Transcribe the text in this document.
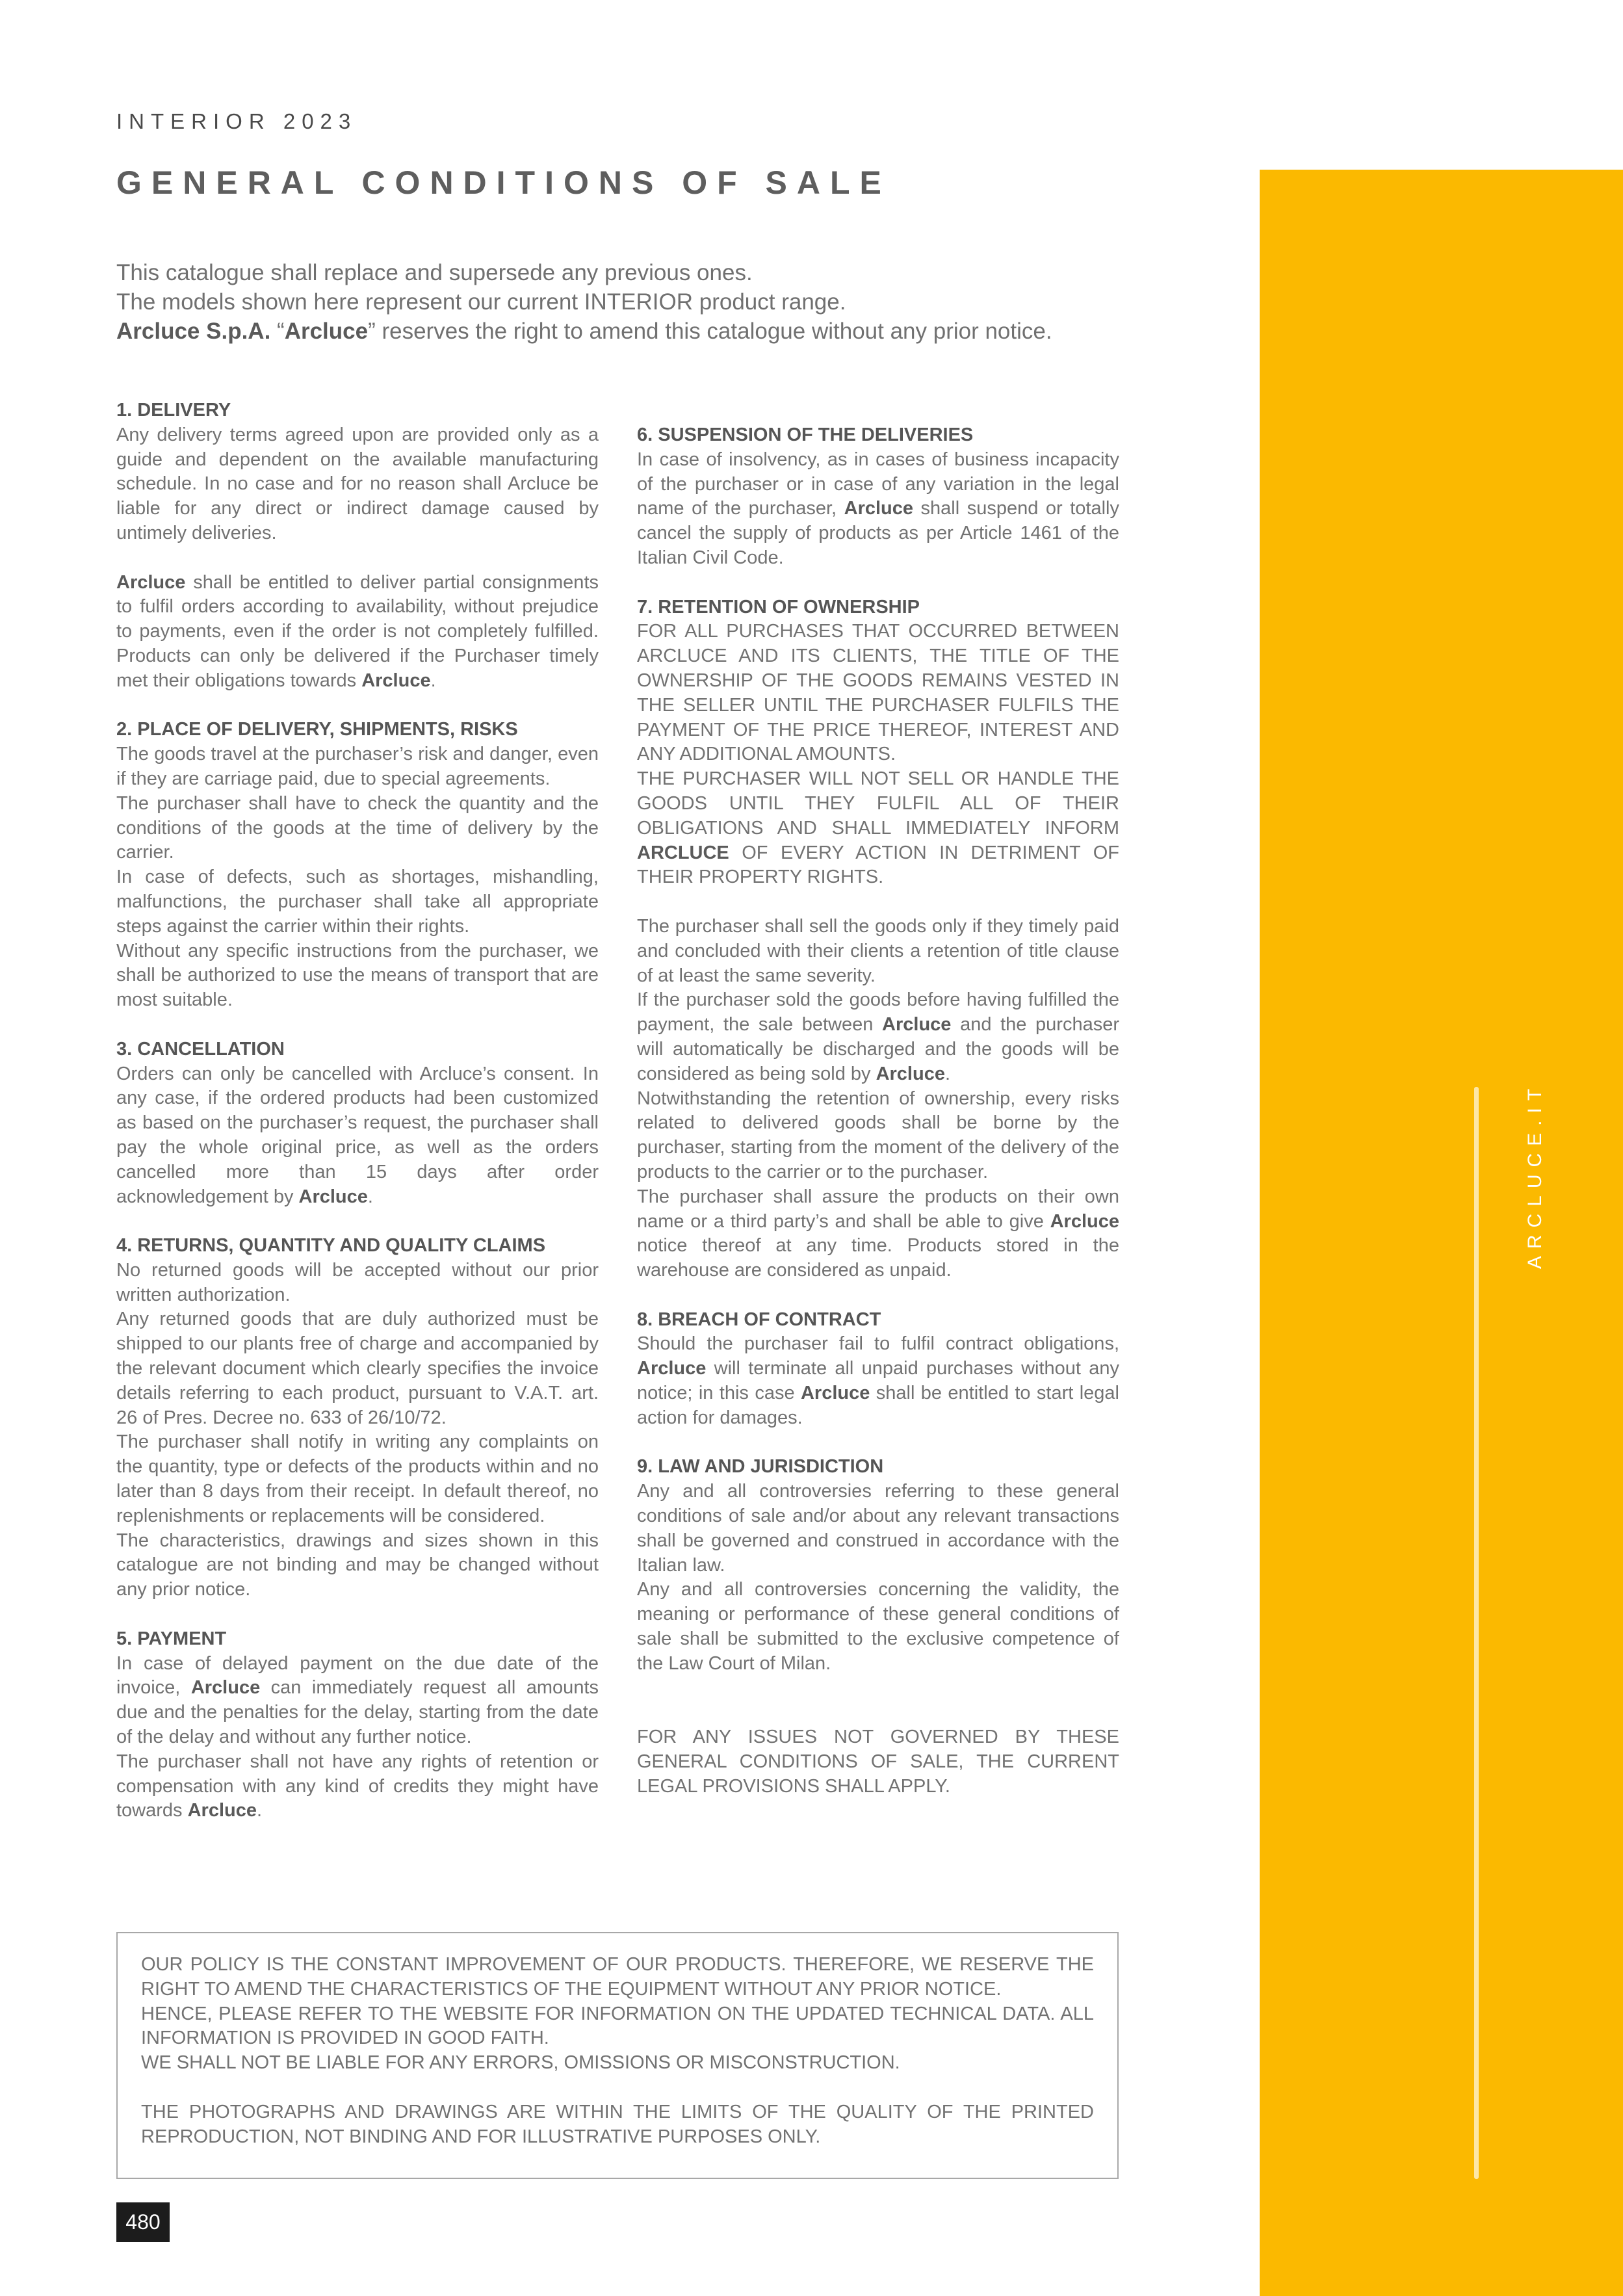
INTERIOR 2023
GENERAL CONDITIONS OF SALE

This catalogue shall replace and supersede any previous ones.

The models shown here represent our current INTERIOR product range.

Arcluce S.p.A. “Arcluce” reserves the right to amend this catalogue without any prior notice.

1. DELIVERY

Any delivery terms agreed upon are provided only as a guide and dependent on the available manufacturing schedule. In no case and for no reason shall Arcluce be liable for any direct or indirect damage caused by untimely deliveries.

Arcluce shall be entitled to deliver partial consignments to fulfil orders according to availability, without prejudice to payments, even if the order is not completely fulfilled. Products can only be delivered if the Purchaser timely met their obligations towards Arcluce.

2. PLACE OF DELIVERY, SHIPMENTS, RISKS

The goods travel at the purchaser’s risk and danger, even if they are carriage paid, due to special agreements.

The purchaser shall have to check the quantity and the conditions of the goods at the time of delivery by the carrier.

In case of defects, such as shortages, mishandling, malfunctions, the purchaser shall take all appropriate steps against the carrier within their rights.

Without any specific instructions from the purchaser, we shall be authorized to use the means of transport that are most suitable.

3. CANCELLATION

Orders can only be cancelled with Arcluce’s consent. In any case, if the ordered products had been customized as based on the purchaser’s request, the purchaser shall pay the whole original price, as well as the orders cancelled more than 15 days after order acknowledgement by Arcluce.

4. RETURNS, QUANTITY AND QUALITY CLAIMS

No returned goods will be accepted without our prior written authorization.

Any returned goods that are duly authorized must be shipped to our plants free of charge and accompanied by the relevant document which clearly specifies the invoice details referring to each product, pursuant to V.A.T. art. 26 of Pres. Decree no. 633 of 26/10/72.

The purchaser shall notify in writing any complaints on the quantity, type or defects of the products within and no later than 8 days from their receipt. In default thereof, no replenishments or replacements will be considered.

The characteristics, drawings and sizes shown in this catalogue are not binding and may be changed without any prior notice.

5. PAYMENT

In case of delayed payment on the due date of the invoice, Arcluce can immediately request all amounts due and the penalties for the delay, starting from the date of the delay and without any further notice.

The purchaser shall not have any rights of retention or compensation with any kind of credits they might have towards Arcluce.

6. SUSPENSION OF THE DELIVERIES

In case of insolvency, as in cases of business incapacity of the purchaser or in case of any variation in the legal name of the purchaser, Arcluce shall suspend or totally cancel the supply of products as per Article 1461 of the Italian Civil Code.

7. RETENTION OF OWNERSHIP

FOR ALL PURCHASES THAT OCCURRED BETWEEN ARCLUCE AND ITS CLIENTS, THE TITLE OF THE OWNERSHIP OF THE GOODS REMAINS VESTED IN THE SELLER UNTIL THE PURCHASER FULFILS THE PAYMENT OF THE PRICE THEREOF, INTEREST AND ANY ADDITIONAL AMOUNTS.

THE PURCHASER WILL NOT SELL OR HANDLE THE GOODS UNTIL THEY FULFIL ALL OF THEIR OBLIGATIONS AND SHALL IMMEDIATELY INFORM ARCLUCE OF EVERY ACTION IN DETRIMENT OF THEIR PROPERTY RIGHTS.

The purchaser shall sell the goods only if they timely paid and concluded with their clients a retention of title clause of at least the same severity.

If the purchaser sold the goods before having fulfilled the payment, the sale between Arcluce and the purchaser will automatically be discharged and the goods will be considered as being sold by Arcluce.

Notwithstanding the retention of ownership, every risks related to delivered goods shall be borne by the purchaser, starting from the moment of the delivery of the products to the carrier or to the purchaser.

The purchaser shall assure the products on their own name or a third party’s and shall be able to give Arcluce notice thereof at any time. Products stored in the warehouse are considered as unpaid.

8. BREACH OF CONTRACT

Should the purchaser fail to fulfil contract obligations, Arcluce will terminate all unpaid purchases without any notice; in this case Arcluce shall be entitled to start legal action for damages.

9. LAW AND JURISDICTION

Any and all controversies referring to these general conditions of sale and/or about any relevant transactions shall be governed and construed in accordance with the Italian law.

Any and all controversies concerning the validity, the meaning or performance of these general conditions of sale shall be submitted to the exclusive competence of the Law Court of Milan.

FOR ANY ISSUES NOT GOVERNED BY THESE GENERAL CONDITIONS OF SALE, THE CURRENT LEGAL PROVISIONS SHALL APPLY.

OUR POLICY IS THE CONSTANT IMPROVEMENT OF OUR PRODUCTS. THEREFORE, WE RESERVE THE RIGHT TO AMEND THE CHARACTERISTICS OF THE EQUIPMENT WITHOUT ANY PRIOR NOTICE.

HENCE, PLEASE REFER TO THE WEBSITE FOR INFORMATION ON THE UPDATED TECHNICAL DATA. ALL INFORMATION IS PROVIDED IN GOOD FAITH.

WE SHALL NOT BE LIABLE FOR ANY ERRORS, OMISSIONS OR MISCONSTRUCTION.

THE PHOTOGRAPHS AND DRAWINGS ARE WITHIN THE LIMITS OF THE QUALITY OF THE PRINTED REPRODUCTION, NOT BINDING AND FOR ILLUSTRATIVE PURPOSES ONLY.

480
ARCLUCE.IT
